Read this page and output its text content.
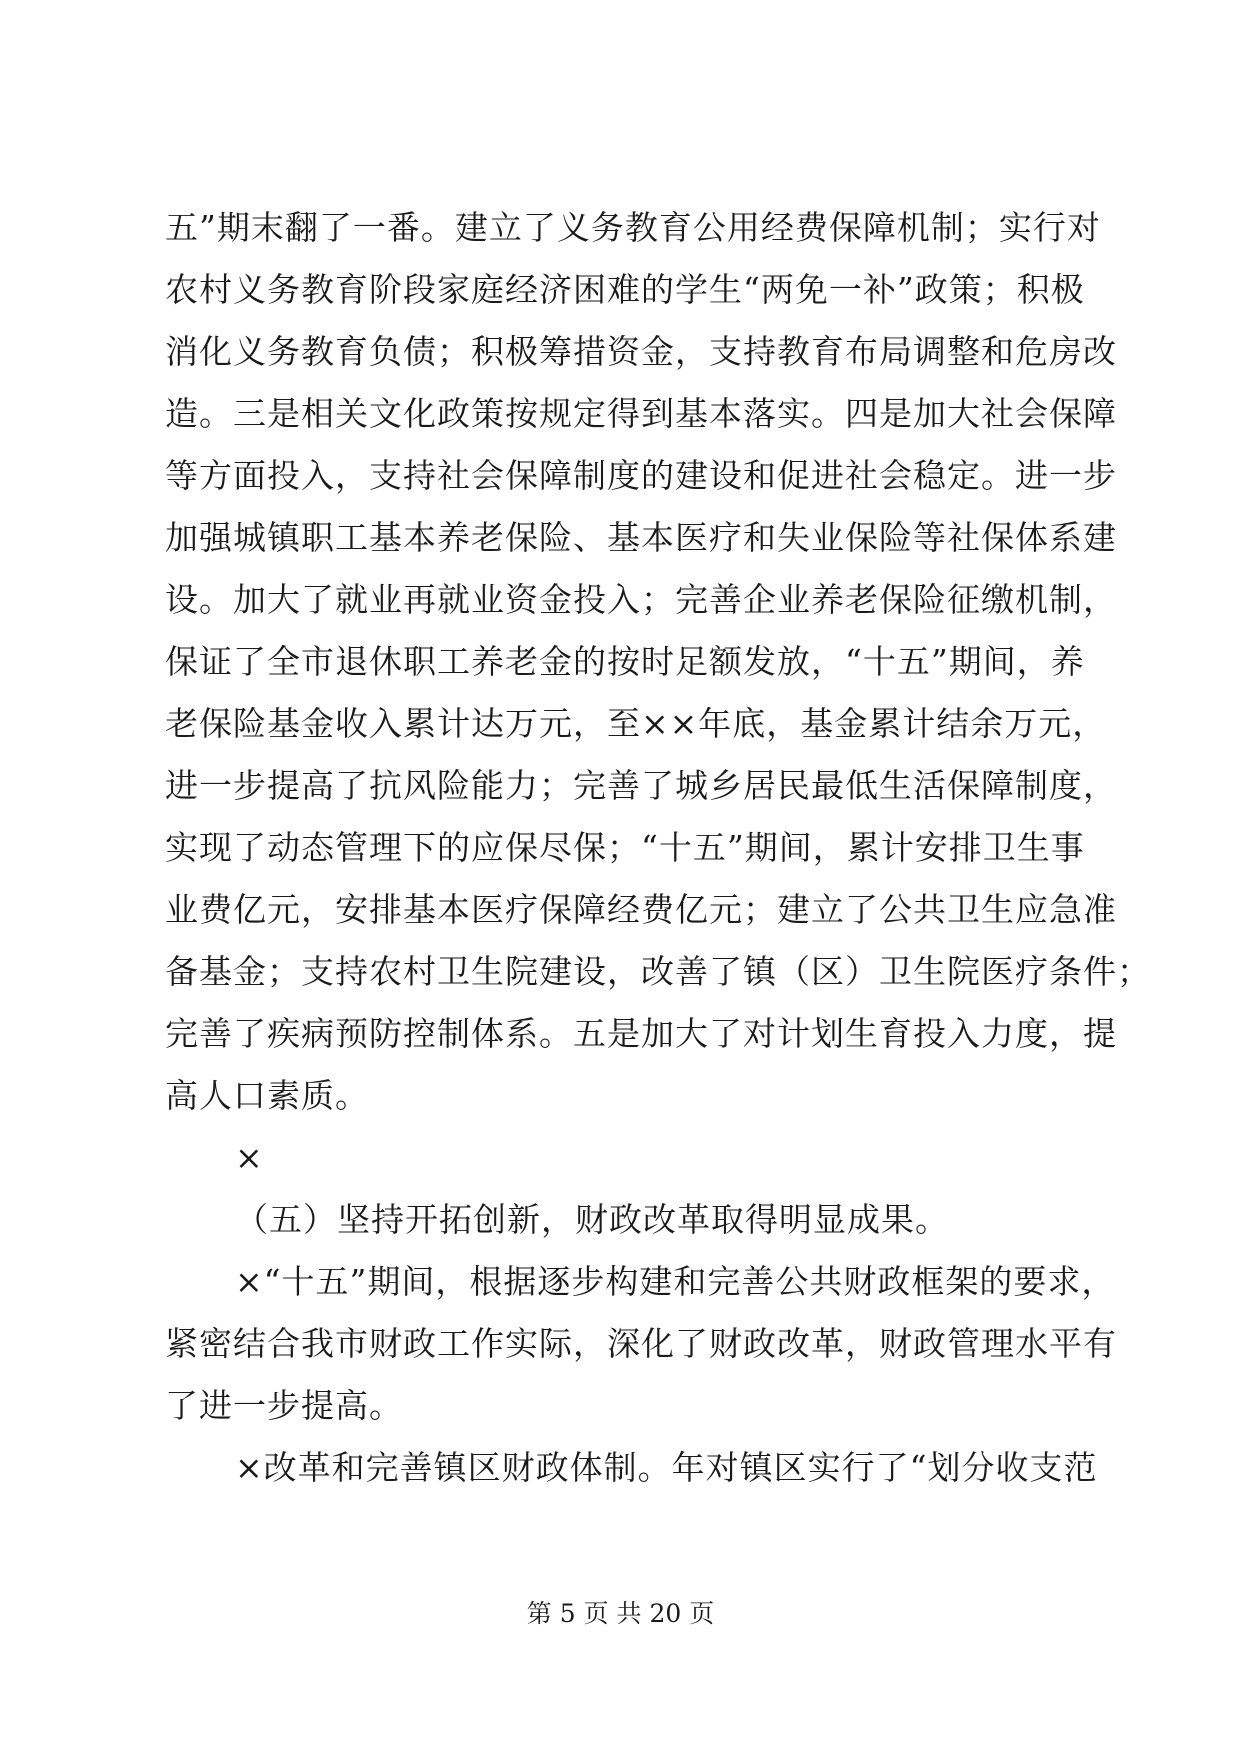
五”期末翻了一番。建立了义务教育公用经费保障机制；实行对
农村义务教育阶段家庭经济困难的学生“两免一补”政策；积极
消化义务教育负债；积极筹措资金，支持教育布局调整和危房改
造。三是相关文化政策按规定得到基本落实。四是加大社会保障
等方面投入，支持社会保障制度的建设和促进社会稳定。进一步
加强城镇职工基本养老保险、基本医疗和失业保险等社保体系建
设。加大了就业再就业资金投入；完善企业养老保险征缴机制，
保证了全市退休职工养老金的按时足额发放，“十五”期间，养
老保险基金收入累计达万元，至××年底，基金累计结余万元，
进一步提高了抗风险能力；完善了城乡居民最低生活保障制度，
实现了动态管理下的应保尽保；“十五”期间，累计安排卫生事
业费亿元，安排基本医疗保障经费亿元；建立了公共卫生应急准
备基金；支持农村卫生院建设，改善了镇（区）卫生院医疗条件；
完善了疾病预防控制体系。五是加大了对计划生育投入力度，提
高人口素质。
×
（五）坚持开拓创新，财政改革取得明显成果。
×“十五”期间，根据逐步构建和完善公共财政框架的要求，
紧密结合我市财政工作实际，深化了财政改革，财政管理水平有
了进一步提高。
×改革和完善镇区财政体制。年对镇区实行了“划分收支范
第 5 页 共 20 页
